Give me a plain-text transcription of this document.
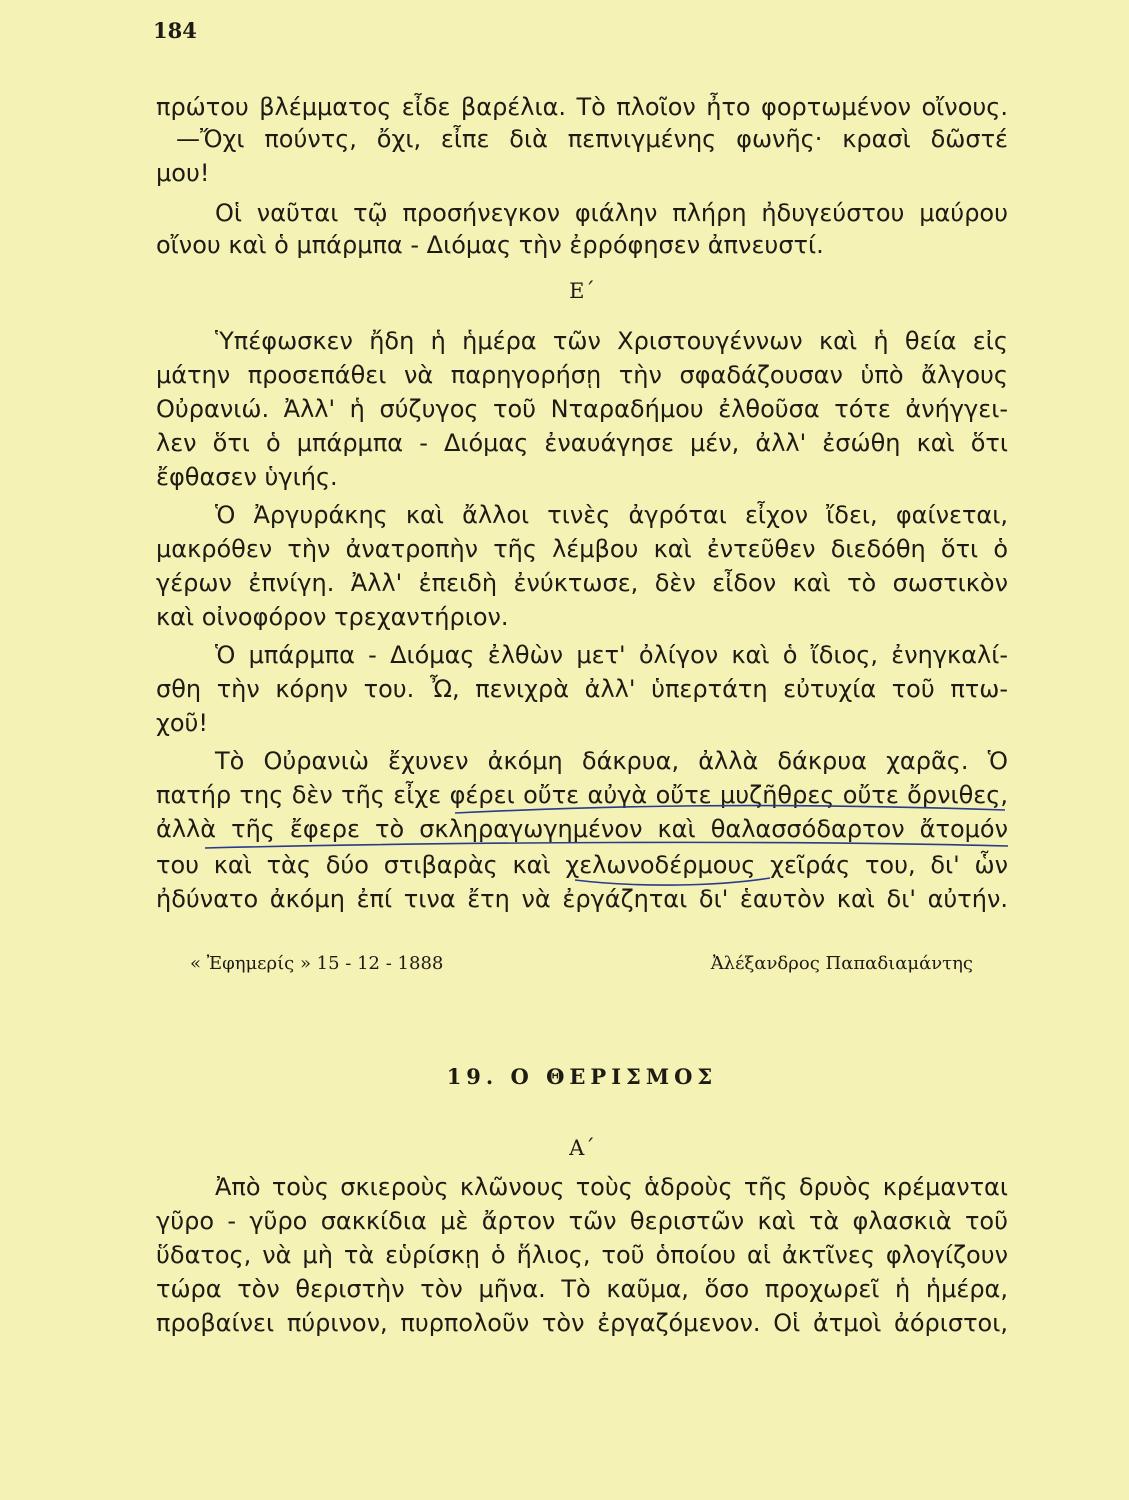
184
πρώτου βλέμματος εἶδε βαρέλια. Τὸ πλοῖον ἦτο φορτωμένον οἴνους.
—Ὄχι πούντς, ὄχι, εἶπε διὰ πεπνιγμένης φωνῆς· κρασὶ δῶστέ
μου!
Οἱ ναῦται τῷ προσήνεγκον φιάλην πλήρη ἠδυγεύστου μαύρου
οἴνου καὶ ὁ μπάρμπα - Διόμας τὴν ἐρρόφησεν ἀπνευστί.
Ε΄
Ὑπέφωσκεν ἤδη ἡ ἡμέρα τῶν Χριστουγέννων καὶ ἡ θεία εἰς
μάτην προσεπάθει νὰ παρηγορήσῃ τὴν σφαδάζουσαν ὑπὸ ἄλγους
Οὐρανιώ. Ἀλλ' ἡ σύζυγος τοῦ Νταραδήμου ἐλθοῦσα τότε ἀνήγγει-
λεν ὅτι ὁ μπάρμπα - Διόμας ἐναυάγησε μέν, ἀλλ' ἐσώθη καὶ ὅτι
ἔφθασεν ὑγιής.
Ὁ Ἀργυράκης καὶ ἄλλοι τινὲς ἀγρόται εἶχον ἴδει, φαίνεται,
μακρόθεν τὴν ἀνατροπὴν τῆς λέμβου καὶ ἐντεῦθεν διεδόθη ὅτι ὁ
γέρων ἐπνίγη. Ἀλλ' ἐπειδὴ ἐνύκτωσε, δὲν εἶδον καὶ τὸ σωστικὸν
καὶ οἰνοφόρον τρεχαντήριον.
Ὁ μπάρμπα - Διόμας ἐλθὼν μετ' ὀλίγον καὶ ὁ ἴδιος, ἐνηγκαλί-
σθη τὴν κόρην του. Ὦ, πενιχρὰ ἀλλ' ὑπερτάτη εὐτυχία τοῦ πτω-
χοῦ!
Τὸ Οὐρανιὼ ἔχυνεν ἀκόμη δάκρυα, ἀλλὰ δάκρυα χαρᾶς. Ὁ
πατήρ της δὲν τῆς εἶχε φέρει οὔτε αὐγὰ οὔτε μυζῆθρες οὔτε ὄρνιθες,
ἀλλὰ τῆς ἔφερε τὸ σκληραγωγημένον καὶ θαλασσόδαρτον ἄτομόν
του καὶ τὰς δύο στιβαρὰς καὶ χελωνοδέρμους χεῖράς του, δι' ὧν
ἠδύνατο ἀκόμη ἐπί τινα ἔτη νὰ ἐργάζηται δι' ἑαυτὸν καὶ δι' αὐτήν.
« Ἐφημερίς » 15 - 12 - 1888	Ἀλέξανδρος Παπαδιαμάντης
19. Ο ΘΕΡΙΣΜΟΣ
Α΄
Ἀπὸ τοὺς σκιεροὺς κλῶνους τοὺς ἁδροὺς τῆς δρυὸς κρέμανται
γῦρο - γῦρο σακκίδια μὲ ἄρτον τῶν θεριστῶν καὶ τὰ φλασκιὰ τοῦ
ὕδατος, νὰ μὴ τὰ εὑρίσκῃ ὁ ἥλιος, τοῦ ὁποίου αἱ ἀκτῖνες φλογίζουν
τώρα τὸν θεριστὴν τὸν μῆνα. Τὸ καῦμα, ὅσο προχωρεῖ ἡ ἡμέρα,
προβαίνει πύρινον, πυρπολοῦν τὸν ἐργαζόμενον. Οἱ ἀτμοὶ ἀόριστοι,
